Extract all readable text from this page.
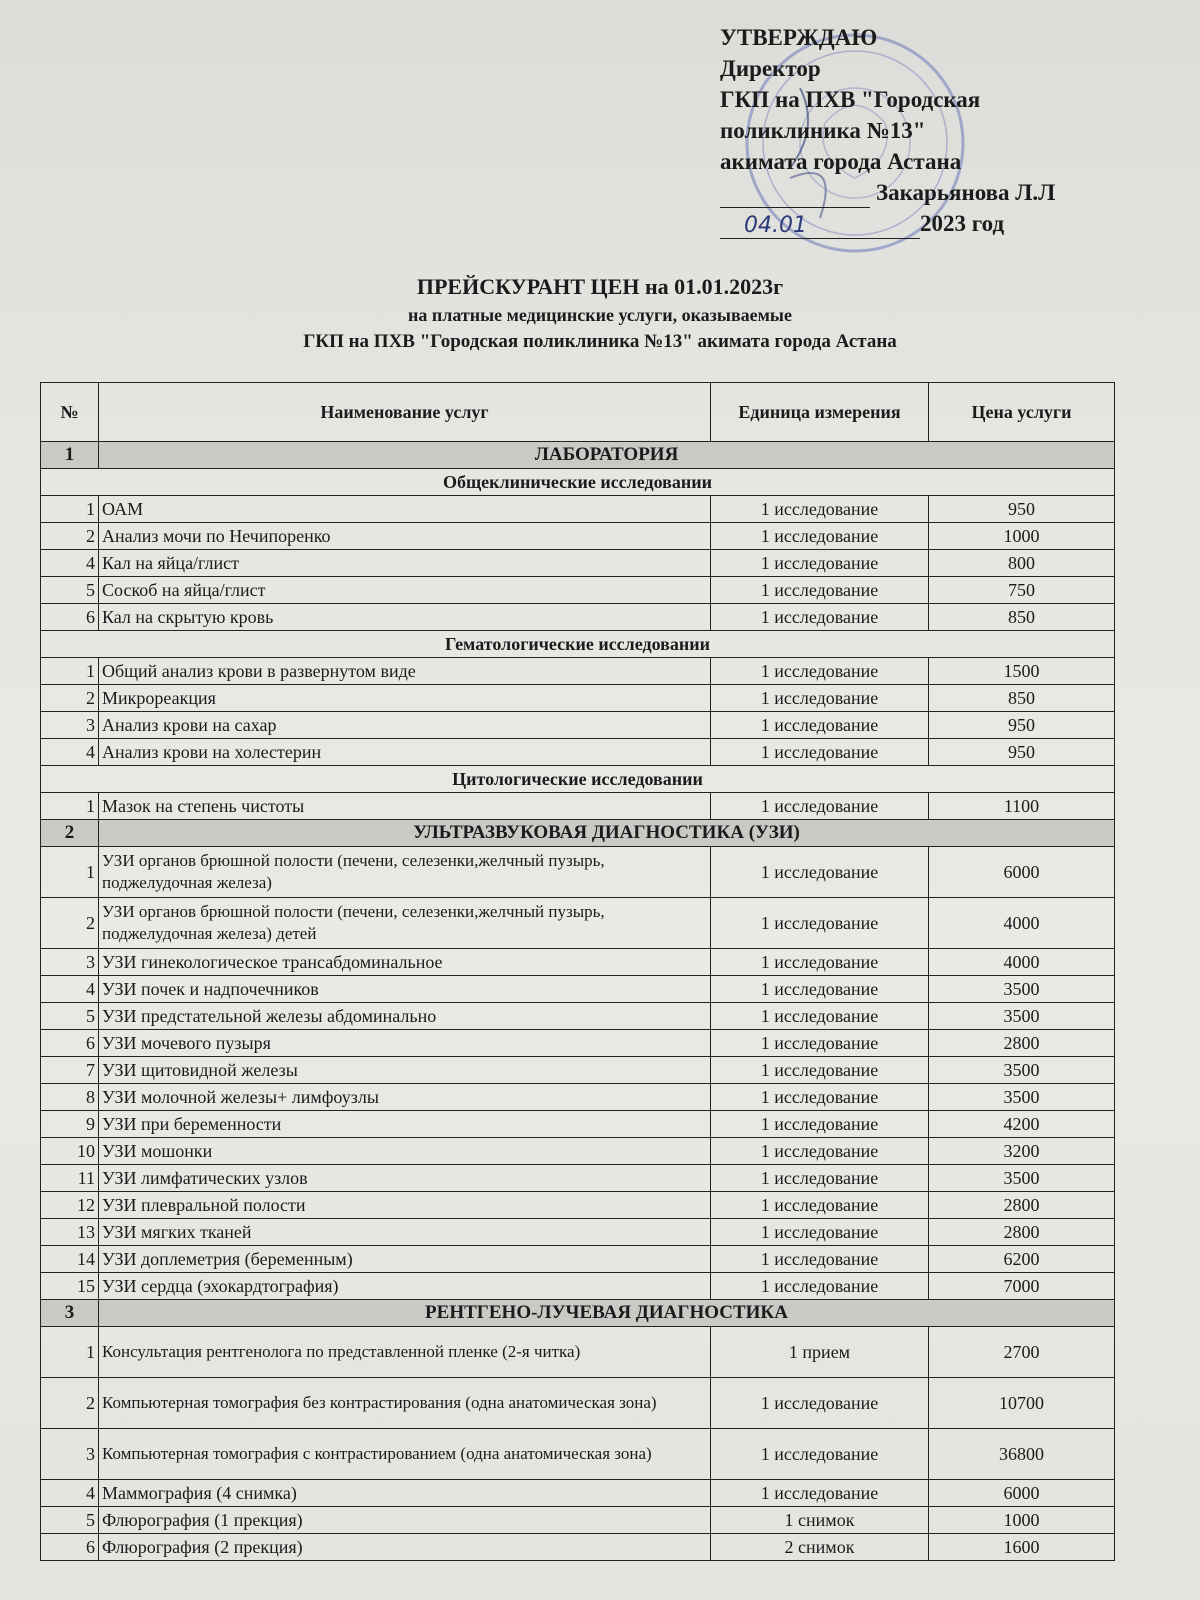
УТВЕРЖДАЮ
Директор
ГКП на ПХВ "Городская
поликлиника №13"
акимата города Астана
Закарьянова Л.Л
04.01	2023 год
ПРЕЙСКУРАНТ ЦЕН на 01.01.2023г
на платные медицинские услуги, оказываемые
ГКП на ПХВ "Городская поликлиника №13" акимата города Астана
№	Наименование услуг	Единица измерения	Цена услуги
1	ЛАБОРАТОРИЯ		
Общеклинические исследовании			
1	ОАМ	1 исследование	950
2	Анализ мочи по Нечипоренко	1 исследование	1000
4	Кал на яйца/глист	1 исследование	800
5	Соскоб на яйца/глист	1 исследование	750
6	Кал на скрытую кровь	1 исследование	850
Гематологические исследовании			
1	Общий анализ крови в развернутом виде	1 исследование	1500
2	Микрореакция	1 исследование	850
3	Анализ крови на сахар	1 исследование	950
4	Анализ крови на холестерин	1 исследование	950
Цитологические исследовании			
1	Мазок на степень чистоты	1 исследование	1100
2	УЛЬТРАЗВУКОВАЯ ДИАГНОСТИКА (УЗИ)		
1	УЗИ органов брюшной полости (печени, селезенки,желчный пузырь, поджелудочная железа)	1 исследование	6000
2	УЗИ органов брюшной полости (печени, селезенки,желчный пузырь, поджелудочная железа) детей	1 исследование	4000
3	УЗИ гинекологическое трансабдоминальное	1 исследование	4000
4	УЗИ почек и надпочечников	1 исследование	3500
5	УЗИ предстательной железы абдоминально	1 исследование	3500
6	УЗИ мочевого пузыря	1 исследование	2800
7	УЗИ щитовидной железы	1 исследование	3500
8	УЗИ молочной железы+ лимфоузлы	1 исследование	3500
9	УЗИ при беременности	1 исследование	4200
10	УЗИ мошонки	1 исследование	3200
11	УЗИ лимфатических узлов	1 исследование	3500
12	УЗИ плевральной полости	1 исследование	2800
13	УЗИ мягких тканей	1 исследование	2800
14	УЗИ доплеметрия (беременным)	1 исследование	6200
15	УЗИ сердца (эхокардтография)	1 исследование	7000
3	РЕНТГЕНО-ЛУЧЕВАЯ ДИАГНОСТИКА		
1	Консультация рентгенолога по представленной пленке (2-я читка)	1 прием	2700
2	Компьютерная томография без контрастирования (одна анатомическая зона)	1 исследование	10700
3	Компьютерная томография с контрастированием (одна анатомическая зона)	1 исследование	36800
4	Маммография (4 снимка)	1 исследование	6000
5	Флюрография (1 прекция)	1 снимок	1000
6	Флюрография (2 прекция)	2 снимок	1600
